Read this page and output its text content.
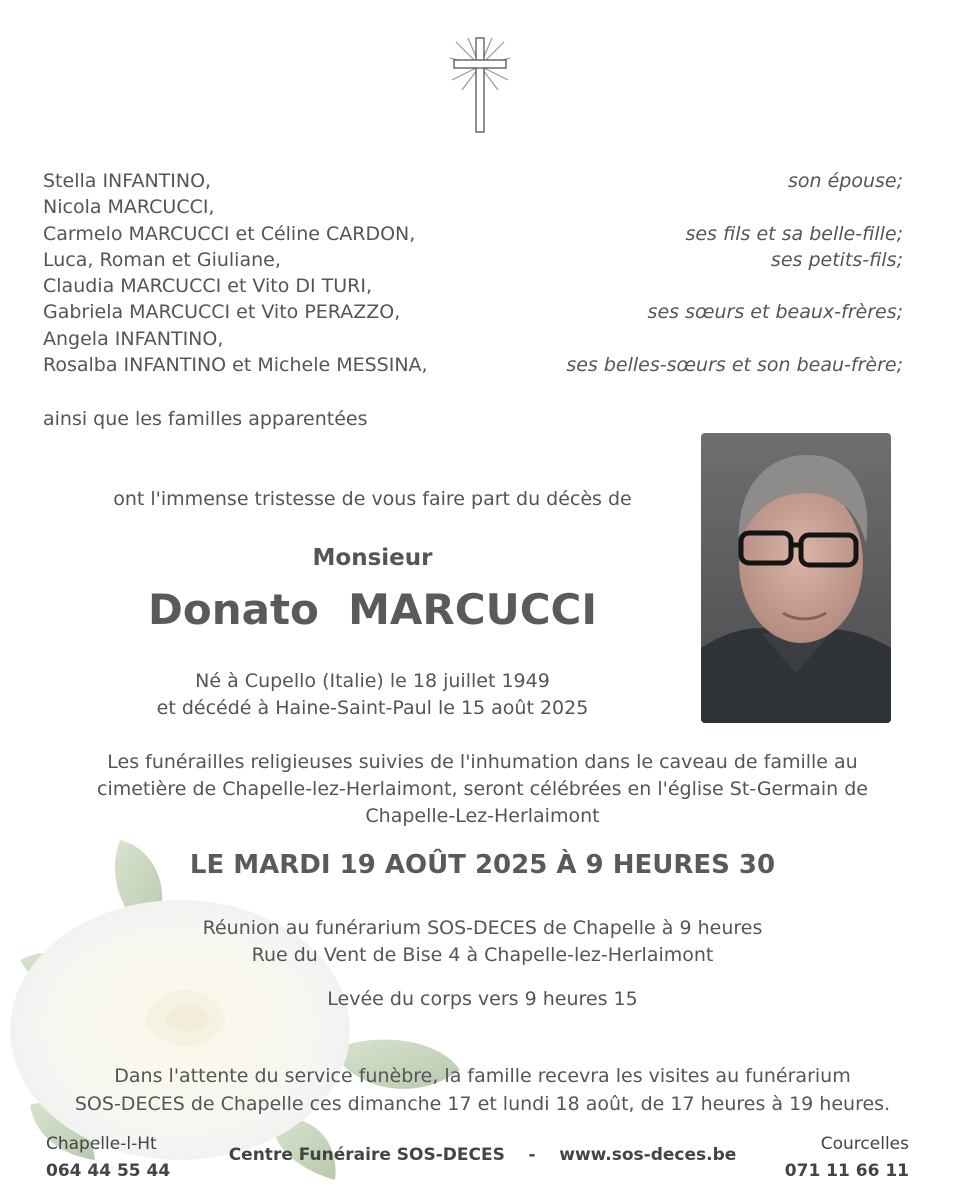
Stella INFANTINO,	son épouse;
Nicola MARCUCCI,
Carmelo MARCUCCI et Céline CARDON,	ses fils et sa belle-fille;
Luca, Roman et Giuliane,	ses petits-fils;
Claudia MARCUCCI et Vito DI TURI,
Gabriela MARCUCCI et Vito PERAZZO,	ses sœurs et beaux-frères;
Angela INFANTINO,
Rosalba INFANTINO et Michele MESSINA,	ses belles-sœurs et son beau-frère;
ainsi que les familles apparentées
ont l'immense tristesse de vous faire part du décès de
Monsieur
Donato  MARCUCCI
Né à Cupello (Italie) le 18 juillet 1949
et décédé à Haine-Saint-Paul le 15 août 2025
Les funérailles religieuses suivies de l'inhumation dans le caveau de famille au
cimetière de Chapelle-lez-Herlaimont, seront célébrées en l'église St-Germain de
Chapelle-Lez-Herlaimont
LE MARDI 19 AOÛT 2025 À 9 HEURES 30
Réunion au funérarium SOS-DECES de Chapelle à 9 heures
Rue du Vent de Bise 4 à Chapelle-lez-Herlaimont
Levée du corps vers 9 heures 15
Dans l'attente du service funèbre, la famille recevra les visites au funérarium
SOS-DECES de Chapelle ces dimanche 17 et lundi 18 août, de 17 heures à 19 heures.
Chapelle-l-Ht
064 44 55 44
Centre Funéraire SOS-DECES    -    www.sos-deces.be
Courcelles
071 11 66 11
